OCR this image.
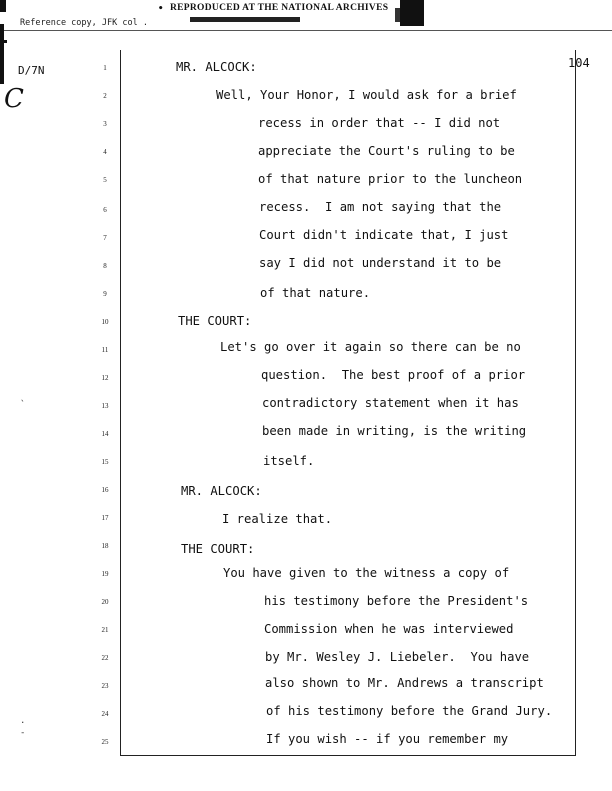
• REPRODUCED AT THE NATIONAL ARCHIVES
Reference copy, JFK col .
D/7N
C
104
1
2
3
4
5
6
7
8
9
10
11
12
13
14
15
16
17
18
19
20
21
22
23
24
25
MR. ALCOCK:
Well, Your Honor, I would ask for a brief
recess in order that -- I did not
appreciate the Court's ruling to be
of that nature prior to the luncheon
recess.  I am not saying that the
Court didn't indicate that, I just
say I did not understand it to be
of that nature.
THE COURT:
Let's go over it again so there can be no
question.  The best proof of a prior
contradictory statement when it has
been made in writing, is the writing
itself.
MR. ALCOCK:
I realize that.
THE COURT:
You have given to the witness a copy of
his testimony before the President's
Commission when he was interviewed
by Mr. Wesley J. Liebeler.  You have
also shown to Mr. Andrews a transcript
of his testimony before the Grand Jury.
If you wish -- if you remember my
`
.
-
